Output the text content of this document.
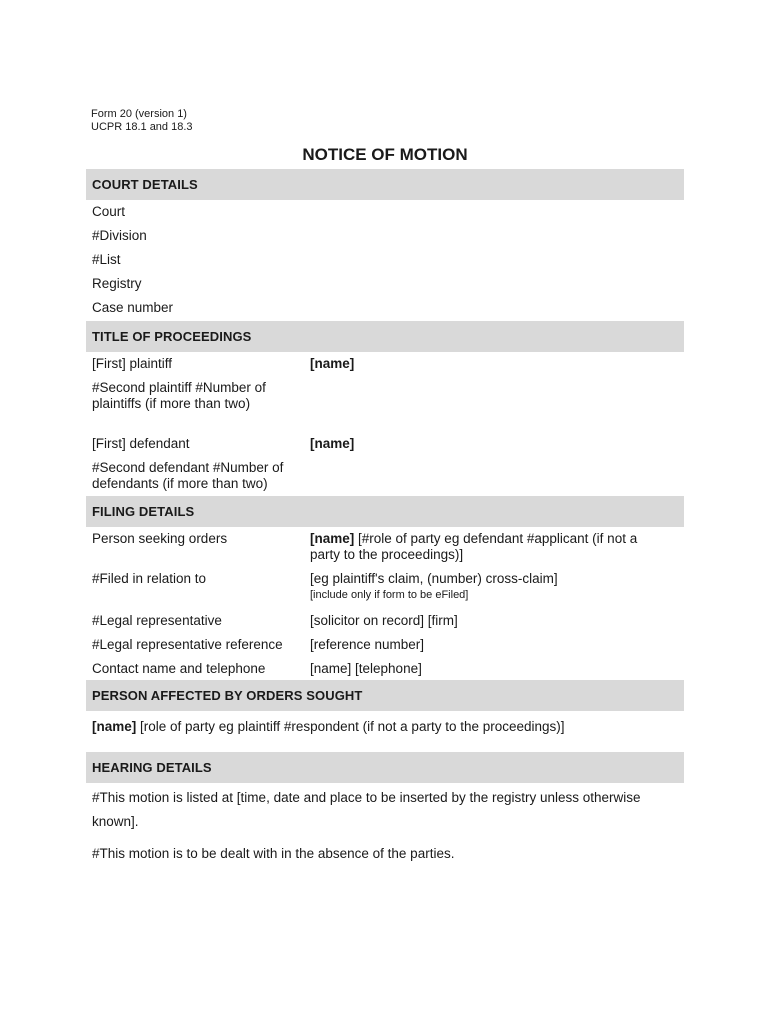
Form 20 (version 1)
UCPR 18.1 and 18.3
NOTICE OF MOTION
COURT DETAILS
Court
#Division
#List
Registry
Case number
TITLE OF PROCEEDINGS
[First] plaintiff	[name]
#Second plaintiff #Number of plaintiffs (if more than two)
[First] defendant	[name]
#Second defendant #Number of defendants (if more than two)
FILING DETAILS
Person seeking orders	[name] [#role of party eg defendant #applicant (if not a party to the proceedings)]
#Filed in relation to	[eg plaintiff's claim, (number) cross-claim]
[include only if form to be eFiled]
#Legal representative	[solicitor on record] [firm]
#Legal representative reference	[reference number]
Contact name and telephone	[name] [telephone]
PERSON AFFECTED BY ORDERS SOUGHT
[name] [role of party eg plaintiff #respondent (if not a party to the proceedings)]
HEARING DETAILS
#This motion is listed at [time, date and place to be inserted by the registry unless otherwise known].
#This motion is to be dealt with in the absence of the parties.
